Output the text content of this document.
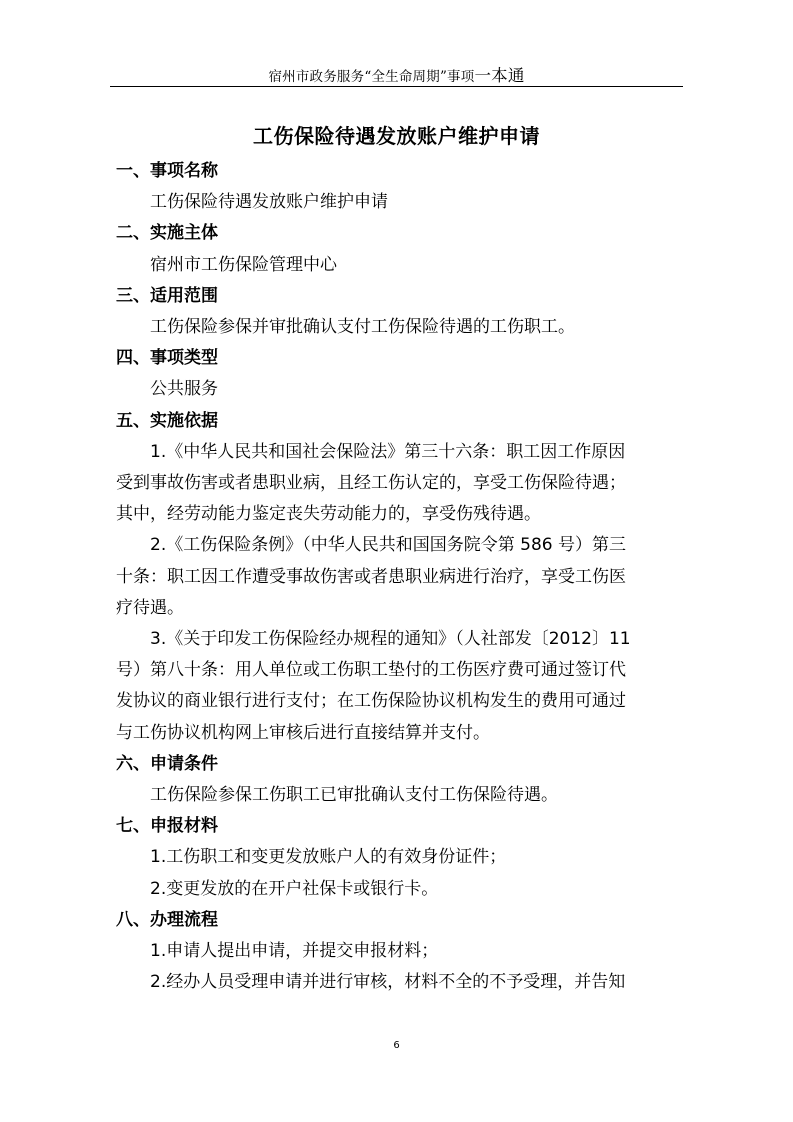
宿州市政务服务“全生命周期”事项一本通
工伤保险待遇发放账户维护申请
一、事项名称
工伤保险待遇发放账户维护申请
二、实施主体
宿州市工伤保险管理中心
三、适用范围
工伤保险参保并审批确认支付工伤保险待遇的工伤职工。
四、事项类型
公共服务
五、实施依据
1.《中华人民共和国社会保险法》第三十六条：职工因工作原因
受到事故伤害或者患职业病，且经工伤认定的，享受工伤保险待遇；
其中，经劳动能力鉴定丧失劳动能力的，享受伤残待遇。
2.《工伤保险条例》（中华人民共和国国务院令第 586 号）第三
十条：职工因工作遭受事故伤害或者患职业病进行治疗，享受工伤医
疗待遇。
3.《关于印发工伤保险经办规程的通知》（人社部发〔2012〕11
号）第八十条：用人单位或工伤职工垫付的工伤医疗费可通过签订代
发协议的商业银行进行支付；在工伤保险协议机构发生的费用可通过
与工伤协议机构网上审核后进行直接结算并支付。
六、申请条件
工伤保险参保工伤职工已审批确认支付工伤保险待遇。
七、申报材料
1.工伤职工和变更发放账户人的有效身份证件；
2.变更发放的在开户社保卡或银行卡。
八、办理流程
1.申请人提出申请，并提交申报材料；
2.经办人员受理申请并进行审核，材料不全的不予受理，并告知
6
